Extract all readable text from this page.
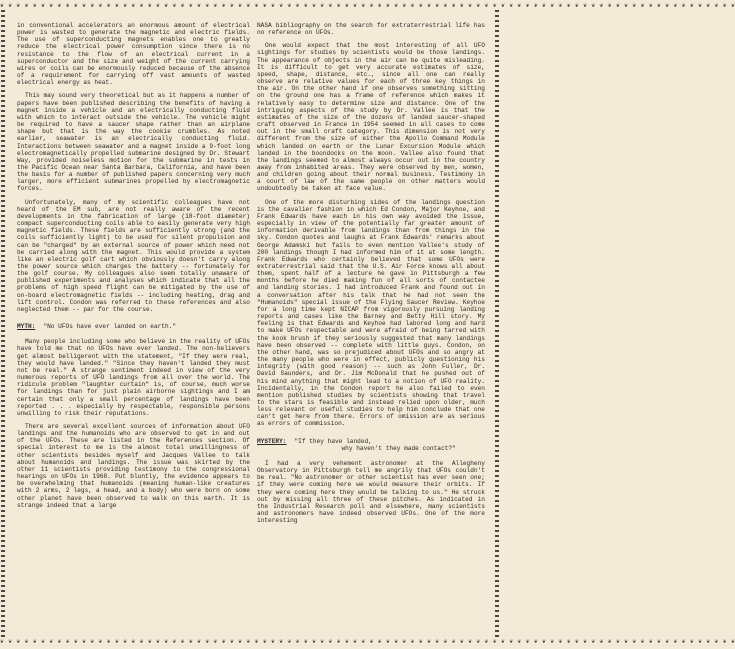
❦ ❦ ❦ ❦ ❦ ❦ ❦ ❦ ❦ ❦ ❦ ❦ ❦ ❦ ❦ ❦ ❦ ❦ ❦ ❦ ❦ ❦ ❦ ❦ ❦ ❦ ❦ ❦ ❦ ❦ ❦ ❦ ❦ ❦ ❦ ❦ ❦ ❦ ❦ ❦ ❦ ❦ ❦ ❦ ❦ ❦ ❦ ❦ ❦ ❦ ❦ ❦ ❦ ❦ ❦ ❦ ❦ ❦ ❦ ❦ ❦ ❦ ❦ ❦ ❦ ❦ ❦ ❦ ❦ ❦ ❦ ❦ ❦ ❦ ❦ ❦ ❦ ❦ ❦ ❦ ❦ ❦ ❦ ❦ ❦ ❦ ❦ ❦ ❦ ❦
❦ ❦ ❦ ❦ ❦ ❦ ❦ ❦ ❦ ❦ ❦ ❦ ❦ ❦ ❦ ❦ ❦ ❦ ❦ ❦ ❦ ❦ ❦ ❦ ❦ ❦ ❦ ❦ ❦ ❦ ❦ ❦ ❦ ❦ ❦ ❦ ❦ ❦ ❦ ❦ ❦ ❦ ❦ ❦ ❦ ❦ ❦ ❦ ❦ ❦ ❦ ❦ ❦ ❦ ❦ ❦ ❦ ❦ ❦ ❦ ❦ ❦ ❦ ❦ ❦ ❦ ❦ ❦ ❦ ❦ ❦ ❦ ❦ ❦ ❦ ❦ ❦ ❦ ❦ ❦ ❦ ❦ ❦ ❦ ❦ ❦ ❦ ❦ ❦ ❦

in conventional accelerators an enormous amount of electrical power is wasted to generate the magnetic and electric fields. The use of superconducting magnets enables one to greatly reduce the electrical power consumption since there is no resistance to the flow of an electrical current in a superconductor and the size and weight of the current carrying wires or coils can be enormously reduced because of the absence of a requirement for carrying off vast amounts of wasted electrical energy as heat.

This may sound very theoretical but as it happens a number of papers have been published describing the benefits of having a magnet inside a vehicle and an electrically conducting fluid with which to interact outside the vehicle. The vehicle might be required to have a saucer shape rather than an airplane shape but that is the way the cookie crumbles. As noted earlier, seawater is an electrically conducting fluid. Interactions between seawater and a magnet inside a 9-foot long electromagnetically propelled submarine designed by Dr. Stewart Way, provided noiseless motion for the submarine in tests in the Pacific Ocean near Santa Barbara, California, and have been the basis for a number of published papers concerning very much larger, more efficient submarines propelled by electromagnetic forces.

Unfortunately, many of my scientific colleagues have not heard of the EM sub, are not really aware of the recent developments in the fabrication of large (18-foot diameter) compact superconducting coils able to easily generate very high magnetic fields. These fields are sufficiently strong (and the coils sufficiently light) to be used for silent propulsion and can be "charged" by an external source of power which need not be carried along with the magnet. This would provide a system like an electric golf cart which obviously doesn't carry along the power source which charges the battery -- fortunately for the golf course. My colleagues also seem totally unaware of published experiments and analyses which indicate that all the problems of high speed flight can be mitigated by the use of on-board electromagnetic fields -- including heating, drag and lift control. Condon was referred to these references and also neglected them -- par for the course.

MYTH: "No UFOs have ever landed on earth."

Many people including some who believe in the reality of UFOs have told me that no UFOs have ever landed. The non-believers get almost belligerent with the statement, "If they were real, they would have landed." "Since they haven't landed they must not be real." A strange sentiment indeed in view of the very numerous reports of UFO landings from all over the world. The ridicule problem "laughter curtain" is, of course, much worse for landings than for just plain airborne sightings and I am certain that only a small percentage of landings have been reported . . . especially by respectable, responsible persons unwilling to risk their reputations.

There are several excellent sources of information about UFO landings and the humanoids who are observed to get in and out of the UFOs. These are listed in the References section. Of special interest to me is the almost total unwillingness of other scientists besides myself and Jacques Vallee to talk about humanoids and landings. The issue was skirted by the other 11 scientists providing testimony to the congressional hearings on UFOs in 1968. Put bluntly, the evidence appears to be overwhelming that humanoids (meaning human-like creatures with 2 arms, 2 legs, a head, and a body) who were born on some other planet have been observed to walk on this earth. It is strange indeed that a large

NASA bibliography on the search for extraterrestrial life has no reference on UFOs.

One would expect that the most interesting of all UFO sightings for studies by scientists would be those landings. The appearance of objects in the air can be quite misleading. It is difficult to get very accurate estimates of size, speed, shape, distance, etc., since all one can really observe are relative values for each of three key things in the air. On the other hand if one observes something sitting on the ground one has a frame of reference which makes it relatively easy to determine size and distance. One of the intriguing aspects of the study by Dr. Vallee is that the estimates of the size of the dozens of landed saucer-shaped craft observed in France in 1954 seemed in all cases to come out in the small craft category. This dimension is not very different from the size of either the Apollo Command Module which landed on earth or the Lunar Excursion Module which landed in the boondocks on the moon. Vallee also found that the landings seemed to almost always occur out in the country away from inhabited areas. They were observed by men, women, and children going about their normal business. Testimony in a court of law of the same people on other matters would undoubtedly be taken at face value.

One of the more disturbing sides of the landings question is the cavalier fashion in which Ed Condon, Major Keyhoe, and Frank Edwards have each in his own way avoided the issue, especially in view of the potentially far greater amount of information derivable from landings than from things in the sky. Condon quotes and laughs at Frank Edwards' remarks about George Adamski but fails to even mention Vallee's study of 200 landings though I had informed him of it at some length. Frank Edwards who certainly believed that some UFOs were extraterrestrial said that the U.S. Air Force knows all about them, spent half of a lecture he gave in Pittsburgh a few months before he died making fun of all sorts of contactee and landing stories. I had introduced Frank and found out in a conversation after his talk that he had not seen the "Humanoids" special issue of the Flying Saucer Review. Keyhoe for a long time kept NICAP from vigorously pursuing landing reports and cases like the Barney and Betty Hill story. My feeling is that Edwards and Keyhoe had labored long and hard to make UFOs respectable and were afraid of being tarred with the kook brush if they seriously suggested that many landings have been observed -- complete with little guys. Condon, on the other hand, was so prejudiced about UFOs and so angry at the many people who were in effect, publicly questioning his integrity (with good reason) -- such as John Fuller, Dr. David Saunders, and Dr. Jim McDonald that he pushed out of his mind anything that might lead to a notion of UFO reality. Incidentally, in the Condon report he also failed to even mention published studies by scientists showing that travel to the stars is feasible and instead relied upon older, much less relevant or useful studies to help him conclude that one can't get here from there. Errors of omission are as serious as errors of commission.

MYSTERY: "If they have landed,
why haven't they made contact?"

I had a very vehement astronomer at the Allegheny Observatory in Pittsburgh tell me angrily that UFOs couldn't be real. "No astronomer or other scientist has ever seen one; if they were coming here we would measure their orbits. If they were coming here they would be talking to us." He struck out by missing all three of these pitches. As indicated in the Industrial Research poll and elsewhere, many scientists and astronomers have indeed observed UFOs. One of the more interesting
